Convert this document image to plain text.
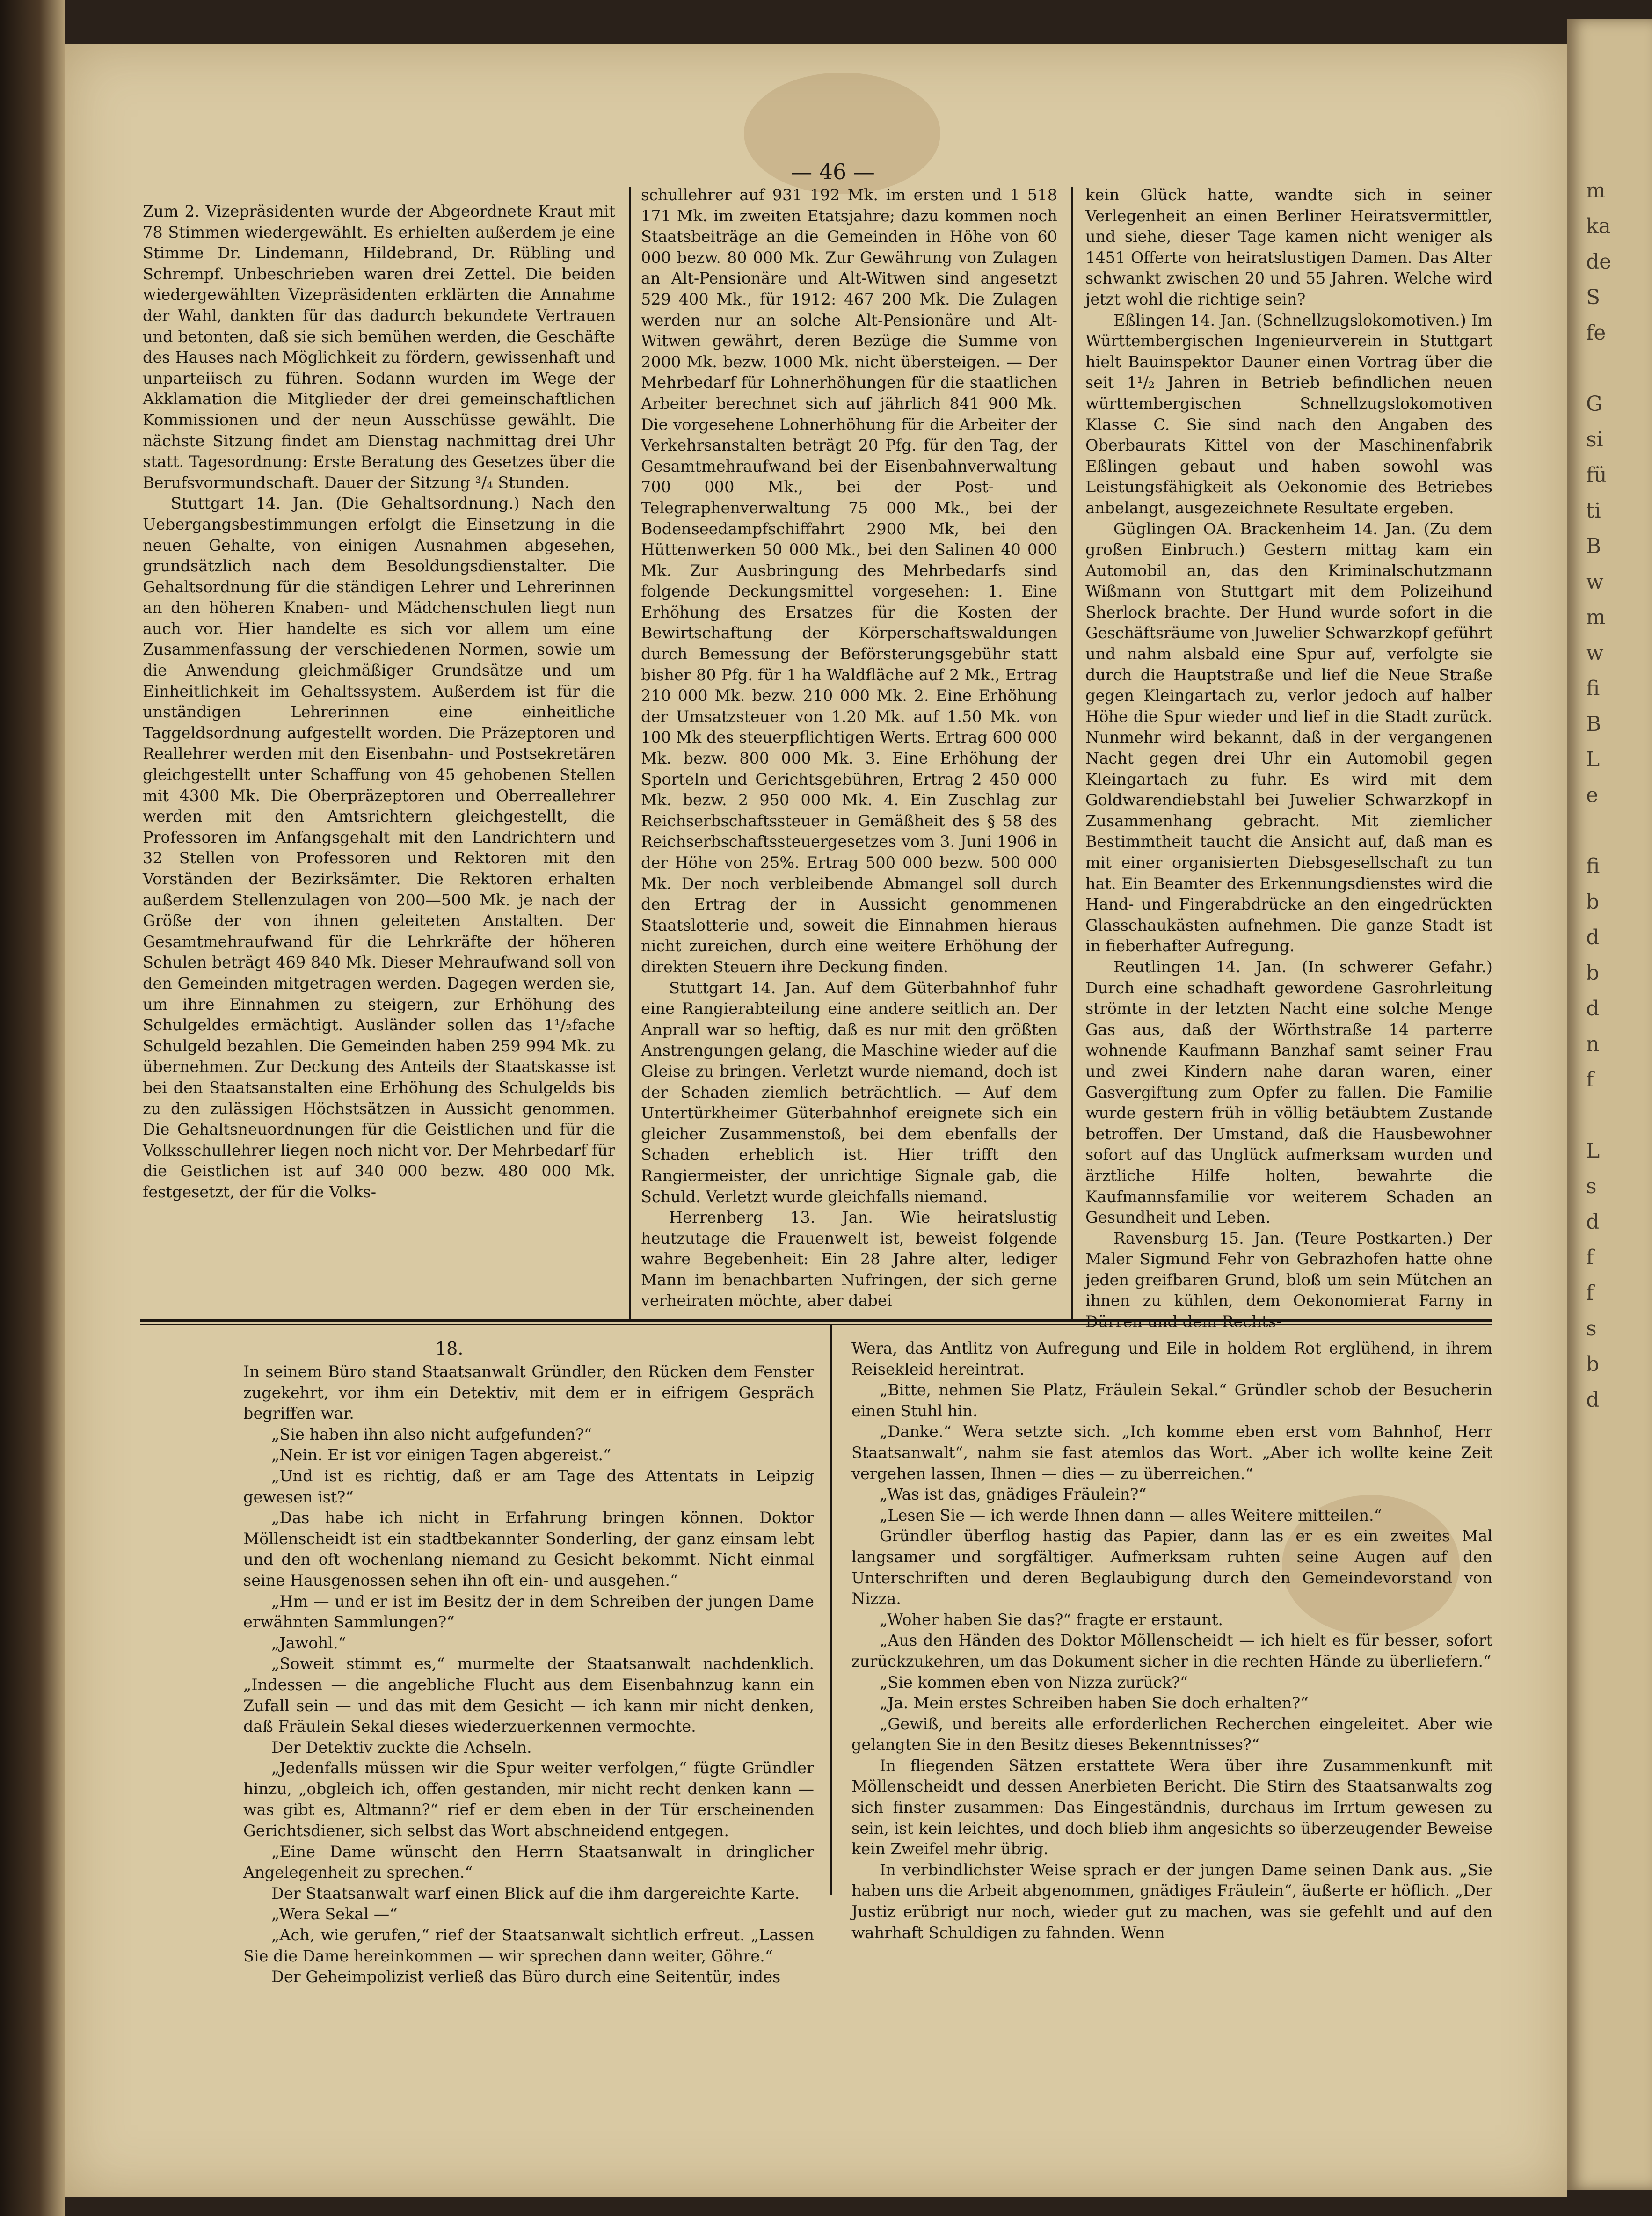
— 46 —

Zum 2. Vizepräsidenten wurde der Abgeordnete Kraut mit 78 Stimmen wiedergewählt. Es erhielten außerdem je eine Stimme Dr. Lindemann, Hildebrand, Dr. Rübling und Schrempf. Unbeschrieben waren drei Zettel. Die beiden wiedergewählten Vizepräsidenten erklärten die Annahme der Wahl, dankten für das dadurch bekundete Vertrauen und betonten, daß sie sich bemühen werden, die Geschäfte des Hauses nach Möglichkeit zu fördern, gewissenhaft und unparteiisch zu führen. Sodann wurden im Wege der Akklamation die Mitglieder der drei gemeinschaftlichen Kommissionen und der neun Ausschüsse gewählt. Die nächste Sitzung findet am Dienstag nachmittag drei Uhr statt. Tagesordnung: Erste Beratung des Gesetzes über die Berufsvormundschaft. Dauer der Sitzung ³/₄ Stunden.

Stuttgart 14. Jan. (Die Gehaltsordnung.) Nach den Uebergangsbestimmungen erfolgt die Einsetzung in die neuen Gehalte, von einigen Ausnahmen abgesehen, grundsätzlich nach dem Besoldungsdienstalter. Die Gehaltsordnung für die ständigen Lehrer und Lehrerinnen an den höheren Knaben- und Mädchenschulen liegt nun auch vor. Hier handelte es sich vor allem um eine Zusammenfassung der verschiedenen Normen, sowie um die Anwendung gleichmäßiger Grundsätze und um Einheitlichkeit im Gehaltssystem. Außerdem ist für die unständigen Lehrerinnen eine einheitliche Taggeldsordnung aufgestellt worden. Die Präzeptoren und Reallehrer werden mit den Eisenbahn- und Postsekretären gleichgestellt unter Schaffung von 45 gehobenen Stellen mit 4300 Mk. Die Oberpräzeptoren und Oberreallehrer werden mit den Amtsrichtern gleichgestellt, die Professoren im Anfangsgehalt mit den Landrichtern und 32 Stellen von Professoren und Rektoren mit den Vorständen der Bezirksämter. Die Rektoren erhalten außerdem Stellenzulagen von 200—500 Mk. je nach der Größe der von ihnen geleiteten Anstalten. Der Gesamtmehraufwand für die Lehrkräfte der höheren Schulen beträgt 469 840 Mk. Dieser Mehraufwand soll von den Gemeinden mitgetragen werden. Dagegen werden sie, um ihre Einnahmen zu steigern, zur Erhöhung des Schulgeldes ermächtigt. Ausländer sollen das 1¹/₂fache Schulgeld bezahlen. Die Gemeinden haben 259 994 Mk. zu übernehmen. Zur Deckung des Anteils der Staatskasse ist bei den Staatsanstalten eine Erhöhung des Schulgelds bis zu den zulässigen Höchstsätzen in Aussicht genommen. Die Gehaltsneuordnungen für die Geistlichen und für die Volksschullehrer liegen noch nicht vor. Der Mehrbedarf für die Geistlichen ist auf 340 000 bezw. 480 000 Mk. festgesetzt, der für die Volks-

schullehrer auf 931 192 Mk. im ersten und 1 518 171 Mk. im zweiten Etatsjahre; dazu kommen noch Staatsbeiträge an die Gemeinden in Höhe von 60 000 bezw. 80 000 Mk. Zur Gewährung von Zulagen an Alt-Pensionäre und Alt-Witwen sind angesetzt 529 400 Mk., für 1912: 467 200 Mk. Die Zulagen werden nur an solche Alt-Pensionäre und Alt-Witwen gewährt, deren Bezüge die Summe von 2000 Mk. bezw. 1000 Mk. nicht übersteigen. — Der Mehrbedarf für Lohnerhöhungen für die staatlichen Arbeiter berechnet sich auf jährlich 841 900 Mk. Die vorgesehene Lohnerhöhung für die Arbeiter der Verkehrsanstalten beträgt 20 Pfg. für den Tag, der Gesamtmehraufwand bei der Eisenbahnverwaltung 700 000 Mk., bei der Post- und Telegraphenverwaltung 75 000 Mk., bei der Bodenseedampfschiffahrt 2900 Mk, bei den Hüttenwerken 50 000 Mk., bei den Salinen 40 000 Mk. Zur Ausbringung des Mehrbedarfs sind folgende Deckungsmittel vorgesehen: 1. Eine Erhöhung des Ersatzes für die Kosten der Bewirtschaftung der Körperschaftswaldungen durch Bemessung der Beförsterungsgebühr statt bisher 80 Pfg. für 1 ha Waldfläche auf 2 Mk., Ertrag 210 000 Mk. bezw. 210 000 Mk. 2. Eine Erhöhung der Umsatzsteuer von 1.20 Mk. auf 1.50 Mk. von 100 Mk des steuerpflichtigen Werts. Ertrag 600 000 Mk. bezw. 800 000 Mk. 3. Eine Erhöhung der Sporteln und Gerichtsgebühren, Ertrag 2 450 000 Mk. bezw. 2 950 000 Mk. 4. Ein Zuschlag zur Reichserbschaftssteuer in Gemäßheit des § 58 des Reichserbschaftssteuergesetzes vom 3. Juni 1906 in der Höhe von 25%. Ertrag 500 000 bezw. 500 000 Mk. Der noch verbleibende Abmangel soll durch den Ertrag der in Aussicht genommenen Staatslotterie und, soweit die Einnahmen hieraus nicht zureichen, durch eine weitere Erhöhung der direkten Steuern ihre Deckung finden.

Stuttgart 14. Jan. Auf dem Güterbahnhof fuhr eine Rangierabteilung eine andere seitlich an. Der Anprall war so heftig, daß es nur mit den größten Anstrengungen gelang, die Maschine wieder auf die Gleise zu bringen. Verletzt wurde niemand, doch ist der Schaden ziemlich beträchtlich. — Auf dem Untertürkheimer Güterbahnhof ereignete sich ein gleicher Zusammenstoß, bei dem ebenfalls der Schaden erheblich ist. Hier trifft den Rangiermeister, der unrichtige Signale gab, die Schuld. Verletzt wurde gleichfalls niemand.

Herrenberg 13. Jan. Wie heiratslustig heutzutage die Frauenwelt ist, beweist folgende wahre Begebenheit: Ein 28 Jahre alter, lediger Mann im benachbarten Nufringen, der sich gerne verheiraten möchte, aber dabei

kein Glück hatte, wandte sich in seiner Verlegenheit an einen Berliner Heiratsvermittler, und siehe, dieser Tage kamen nicht weniger als 1451 Offerte von heiratslustigen Damen. Das Alter schwankt zwischen 20 und 55 Jahren. Welche wird jetzt wohl die richtige sein?

Eßlingen 14. Jan. (Schnellzugslokomotiven.) Im Württembergischen Ingenieurverein in Stuttgart hielt Bauinspektor Dauner einen Vortrag über die seit 1¹/₂ Jahren in Betrieb befindlichen neuen württembergischen Schnellzugslokomotiven Klasse C. Sie sind nach den Angaben des Oberbaurats Kittel von der Maschinenfabrik Eßlingen gebaut und haben sowohl was Leistungsfähigkeit als Oekonomie des Betriebes anbelangt, ausgezeichnete Resultate ergeben.

Güglingen OA. Brackenheim 14. Jan. (Zu dem großen Einbruch.) Gestern mittag kam ein Automobil an, das den Kriminalschutzmann Wißmann von Stuttgart mit dem Polizeihund Sherlock brachte. Der Hund wurde sofort in die Geschäftsräume von Juwelier Schwarzkopf geführt und nahm alsbald eine Spur auf, verfolgte sie durch die Hauptstraße und lief die Neue Straße gegen Kleingartach zu, verlor jedoch auf halber Höhe die Spur wieder und lief in die Stadt zurück. Nunmehr wird bekannt, daß in der vergangenen Nacht gegen drei Uhr ein Automobil gegen Kleingartach zu fuhr. Es wird mit dem Goldwarendiebstahl bei Juwelier Schwarzkopf in Zusammenhang gebracht. Mit ziemlicher Bestimmtheit taucht die Ansicht auf, daß man es mit einer organisierten Diebsgesellschaft zu tun hat. Ein Beamter des Erkennungsdienstes wird die Hand- und Fingerabdrücke an den eingedrückten Glasschaukästen aufnehmen. Die ganze Stadt ist in fieberhafter Aufregung.

Reutlingen 14. Jan. (In schwerer Gefahr.) Durch eine schadhaft gewordene Gasrohrleitung strömte in der letzten Nacht eine solche Menge Gas aus, daß der Wörthstraße 14 parterre wohnende Kaufmann Banzhaf samt seiner Frau und zwei Kindern nahe daran waren, einer Gasvergiftung zum Opfer zu fallen. Die Familie wurde gestern früh in völlig betäubtem Zustande betroffen. Der Umstand, daß die Hausbewohner sofort auf das Unglück aufmerksam wurden und ärztliche Hilfe holten, bewahrte die Kaufmannsfamilie vor weiterem Schaden an Gesundheit und Leben.

Ravensburg 15. Jan. (Teure Postkarten.) Der Maler Sigmund Fehr von Gebrazhofen hatte ohne jeden greifbaren Grund, bloß um sein Mütchen an ihnen zu kühlen, dem Oekonomierat Farny in Dürren und dem Rechts-

18.

In seinem Büro stand Staatsanwalt Gründler, den Rücken dem Fenster zugekehrt, vor ihm ein Detektiv, mit dem er in eifrigem Gespräch begriffen war.

„Sie haben ihn also nicht aufgefunden?“

„Nein. Er ist vor einigen Tagen abgereist.“

„Und ist es richtig, daß er am Tage des Attentats in Leipzig gewesen ist?“

„Das habe ich nicht in Erfahrung bringen können. Doktor Möllenscheidt ist ein stadtbekannter Sonderling, der ganz einsam lebt und den oft wochenlang niemand zu Gesicht bekommt. Nicht einmal seine Hausgenossen sehen ihn oft ein- und ausgehen.“

„Hm — und er ist im Besitz der in dem Schreiben der jungen Dame erwähnten Sammlungen?“

„Jawohl.“

„Soweit stimmt es,“ murmelte der Staatsanwalt nachdenklich. „Indessen — die angebliche Flucht aus dem Eisenbahnzug kann ein Zufall sein — und das mit dem Gesicht — ich kann mir nicht denken, daß Fräulein Sekal dieses wiederzuerkennen vermochte.

Der Detektiv zuckte die Achseln.

„Jedenfalls müssen wir die Spur weiter verfolgen,“ fügte Gründler hinzu, „obgleich ich, offen gestanden, mir nicht recht denken kann — was gibt es, Altmann?“ rief er dem eben in der Tür erscheinenden Gerichtsdiener, sich selbst das Wort abschneidend entgegen.

„Eine Dame wünscht den Herrn Staatsanwalt in dringlicher Angelegenheit zu sprechen.“

Der Staatsanwalt warf einen Blick auf die ihm dargereichte Karte.

„Wera Sekal —“

„Ach, wie gerufen,“ rief der Staatsanwalt sichtlich erfreut. „Lassen Sie die Dame hereinkommen — wir sprechen dann weiter, Göhre.“

Der Geheimpolizist verließ das Büro durch eine Seitentür, indes

Wera, das Antlitz von Aufregung und Eile in holdem Rot erglühend, in ihrem Reisekleid hereintrat.

„Bitte, nehmen Sie Platz, Fräulein Sekal.“ Gründler schob der Besucherin einen Stuhl hin.

„Danke.“ Wera setzte sich. „Ich komme eben erst vom Bahnhof, Herr Staatsanwalt“, nahm sie fast atemlos das Wort. „Aber ich wollte keine Zeit vergehen lassen, Ihnen — dies — zu überreichen.“

„Was ist das, gnädiges Fräulein?“

„Lesen Sie — ich werde Ihnen dann — alles Weitere mitteilen.“

Gründler überflog hastig das Papier, dann las er es ein zweites Mal langsamer und sorgfältiger. Aufmerksam ruhten seine Augen auf den Unterschriften und deren Beglaubigung durch den Gemeindevorstand von Nizza.

„Woher haben Sie das?“ fragte er erstaunt.

„Aus den Händen des Doktor Möllenscheidt — ich hielt es für besser, sofort zurückzukehren, um das Dokument sicher in die rechten Hände zu überliefern.“

„Sie kommen eben von Nizza zurück?“

„Ja. Mein erstes Schreiben haben Sie doch erhalten?“

„Gewiß, und bereits alle erforderlichen Recherchen eingeleitet. Aber wie gelangten Sie in den Besitz dieses Bekenntnisses?“

In fliegenden Sätzen erstattete Wera über ihre Zusammenkunft mit Möllenscheidt und dessen Anerbieten Bericht. Die Stirn des Staatsanwalts zog sich finster zusammen: Das Eingeständnis, durchaus im Irrtum gewesen zu sein, ist kein leichtes, und doch blieb ihm angesichts so überzeugender Beweise kein Zweifel mehr übrig.

In verbindlichster Weise sprach er der jungen Dame seinen Dank aus. „Sie haben uns die Arbeit abgenommen, gnädiges Fräulein“, äußerte er höflich. „Der Justiz erübrigt nur noch, wieder gut zu machen, was sie gefehlt und auf den wahrhaft Schuldigen zu fahnden. Wenn

m
ka
de
S
fe

G
si
fü
ti
B
w
m
w
fi
B
L
e

fi
b
d
b
d
n
f

L
s
d
f
f
s
b
d
